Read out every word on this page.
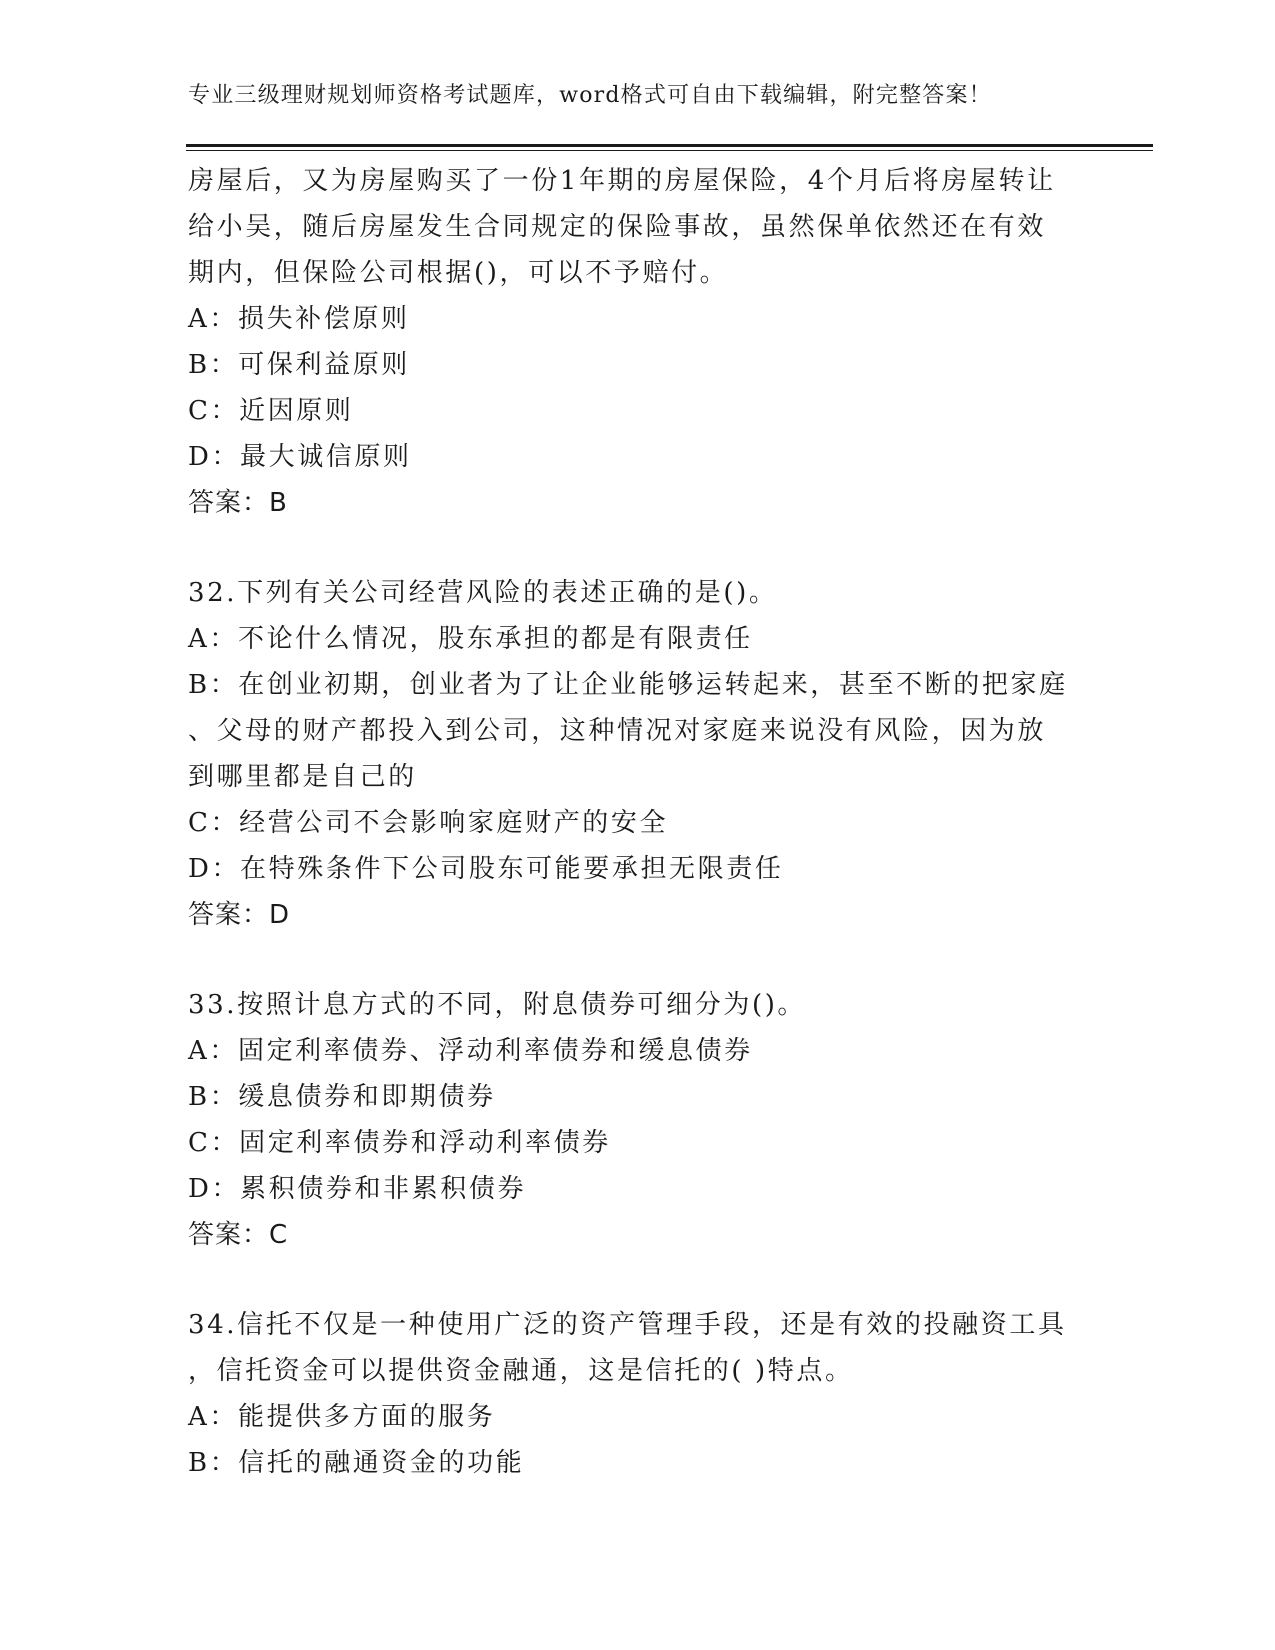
专业三级理财规划师资格考试题库，word格式可自由下载编辑，附完整答案！
房屋后，又为房屋购买了一份1年期的房屋保险，4个月后将房屋转让
给小吴，随后房屋发生合同规定的保险事故，虽然保单依然还在有效
期内，但保险公司根据()，可以不予赔付。
A：损失补偿原则
B：可保利益原则
C：近因原则
D：最大诚信原则
答案：B
32.下列有关公司经营风险的表述正确的是()。
A：不论什么情况，股东承担的都是有限责任
B：在创业初期，创业者为了让企业能够运转起来，甚至不断的把家庭
、父母的财产都投入到公司，这种情况对家庭来说没有风险，因为放
到哪里都是自己的
C：经营公司不会影响家庭财产的安全
D：在特殊条件下公司股东可能要承担无限责任
答案：D
33.按照计息方式的不同，附息债券可细分为()。
A：固定利率债券、浮动利率债券和缓息债券
B：缓息债券和即期债券
C：固定利率债券和浮动利率债券
D：累积债券和非累积债券
答案：C
34.信托不仅是一种使用广泛的资产管理手段，还是有效的投融资工具
，信托资金可以提供资金融通，这是信托的( )特点。
A：能提供多方面的服务
B：信托的融通资金的功能
